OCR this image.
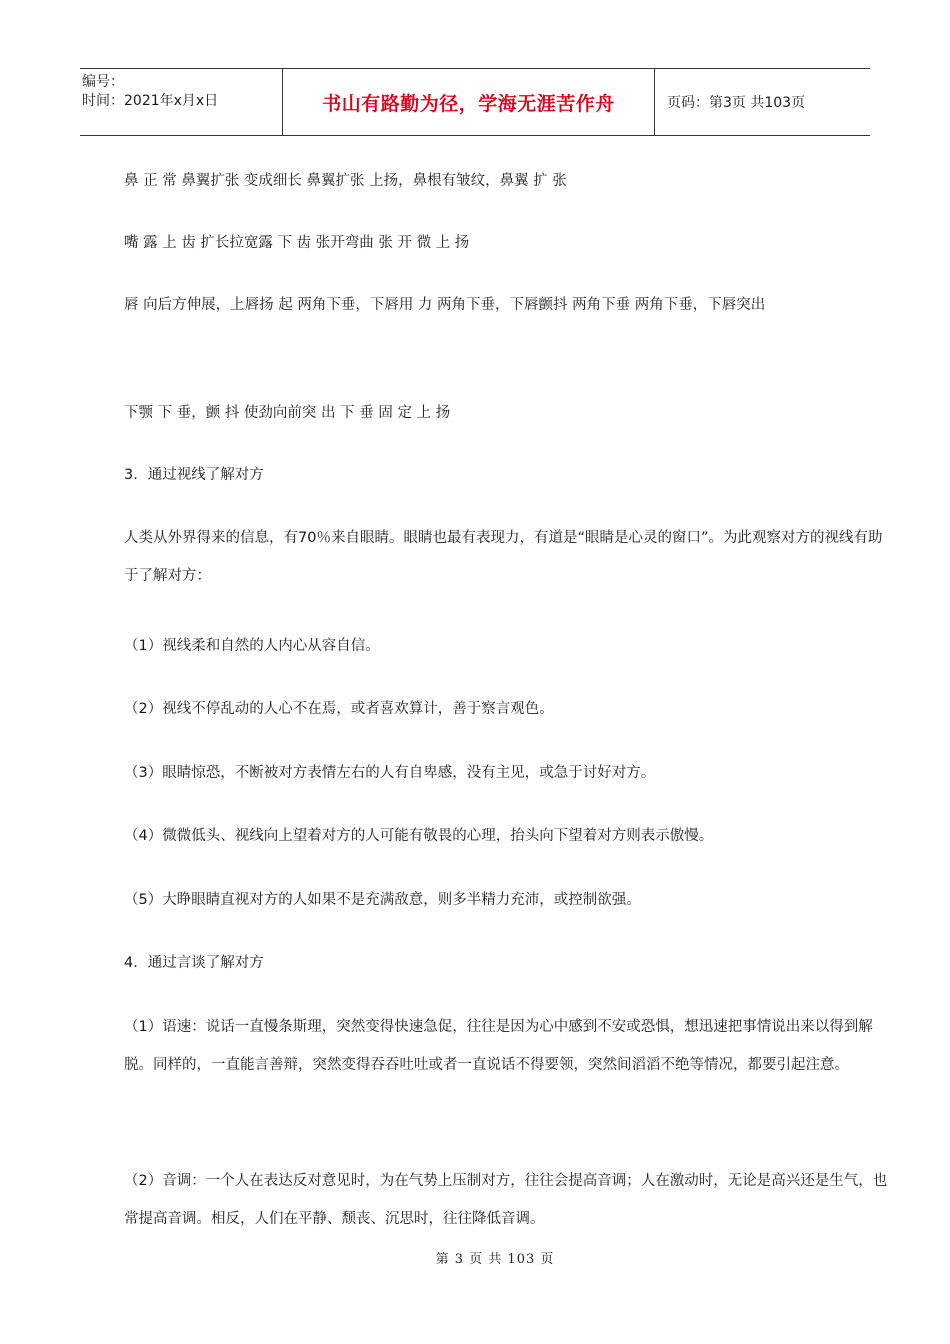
编号：
时间：2021年x月x日	书山有路勤为径，学海无涯苦作舟	页码：第3页 共103页
鼻 正 常 鼻翼扩张 变成细长 鼻翼扩张 上扬，鼻根有皱纹，鼻翼 扩 张
嘴 露 上 齿 扩长拉宽露 下 齿 张开弯曲 张 开 微 上 扬
唇 向后方伸展，上唇扬 起 两角下垂，下唇用 力 两角下垂，下唇颤抖 两角下垂 两角下垂，下唇突出
下颚 下 垂，颤 抖 使劲向前突 出 下 垂 固 定 上 扬
3．通过视线了解对方
人类从外界得来的信息，有70％来自眼睛。眼睛也最有表现力，有道是“眼睛是心灵的窗口”。为此观察对方的视线有助于了解对方：
（1）视线柔和自然的人内心从容自信。
（2）视线不停乱动的人心不在焉，或者喜欢算计，善于察言观色。
（3）眼睛惊恐，不断被对方表情左右的人有自卑感，没有主见，或急于讨好对方。
（4）微微低头、视线向上望着对方的人可能有敬畏的心理，抬头向下望着对方则表示傲慢。
（5）大睁眼睛直视对方的人如果不是充满敌意，则多半精力充沛，或控制欲强。
4．通过言谈了解对方
（1）语速：说话一直慢条斯理，突然变得快速急促，往往是因为心中感到不安或恐惧，想迅速把事情说出来以得到解脱。同样的，一直能言善辩，突然变得吞吞吐吐或者一直说话不得要领，突然间滔滔不绝等情况，都要引起注意。
（2）音调：一个人在表达反对意见时，为在气势上压制对方，往往会提高音调；人在激动时，无论是高兴还是生气，也常提高音调。相反，人们在平静、颓丧、沉思时，往往降低音调。
第 3 页 共 103 页
